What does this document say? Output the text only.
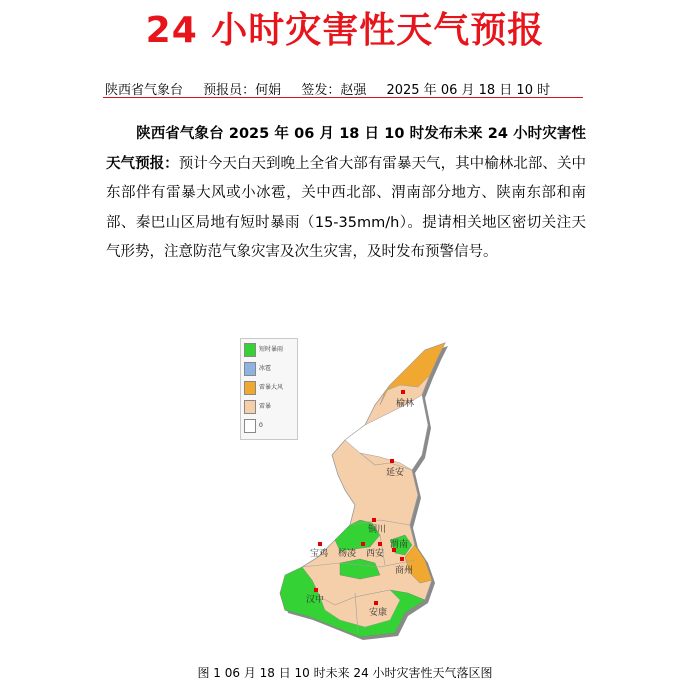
24 小时灾害性天气预报
陕西省气象台 预报员：何娟 签发：赵强 2025 年 06 月 18 日 10 时
陕西省气象台 2025 年 06 月 18 日 10 时发布未来 24 小时灾害性天气预报：预计今天白天到晚上全省大部有雷暴天气，其中榆林北部、关中东部伴有雷暴大风或小冰雹，关中西北部、渭南部分地方、陕南东部和南部、秦巴山区局地有短时暴雨（15-35mm/h）。提请相关地区密切关注天气形势，注意防范气象灾害及次生灾害，及时发布预警信号。
榆林
延安
铜川
宝鸡 杨凌 西安
渭南
商州
汉中
安康
短时暴雨
冰雹
雷暴大风
雷暴
0
图 1 06 月 18 日 10 时未来 24 小时灾害性天气落区图
